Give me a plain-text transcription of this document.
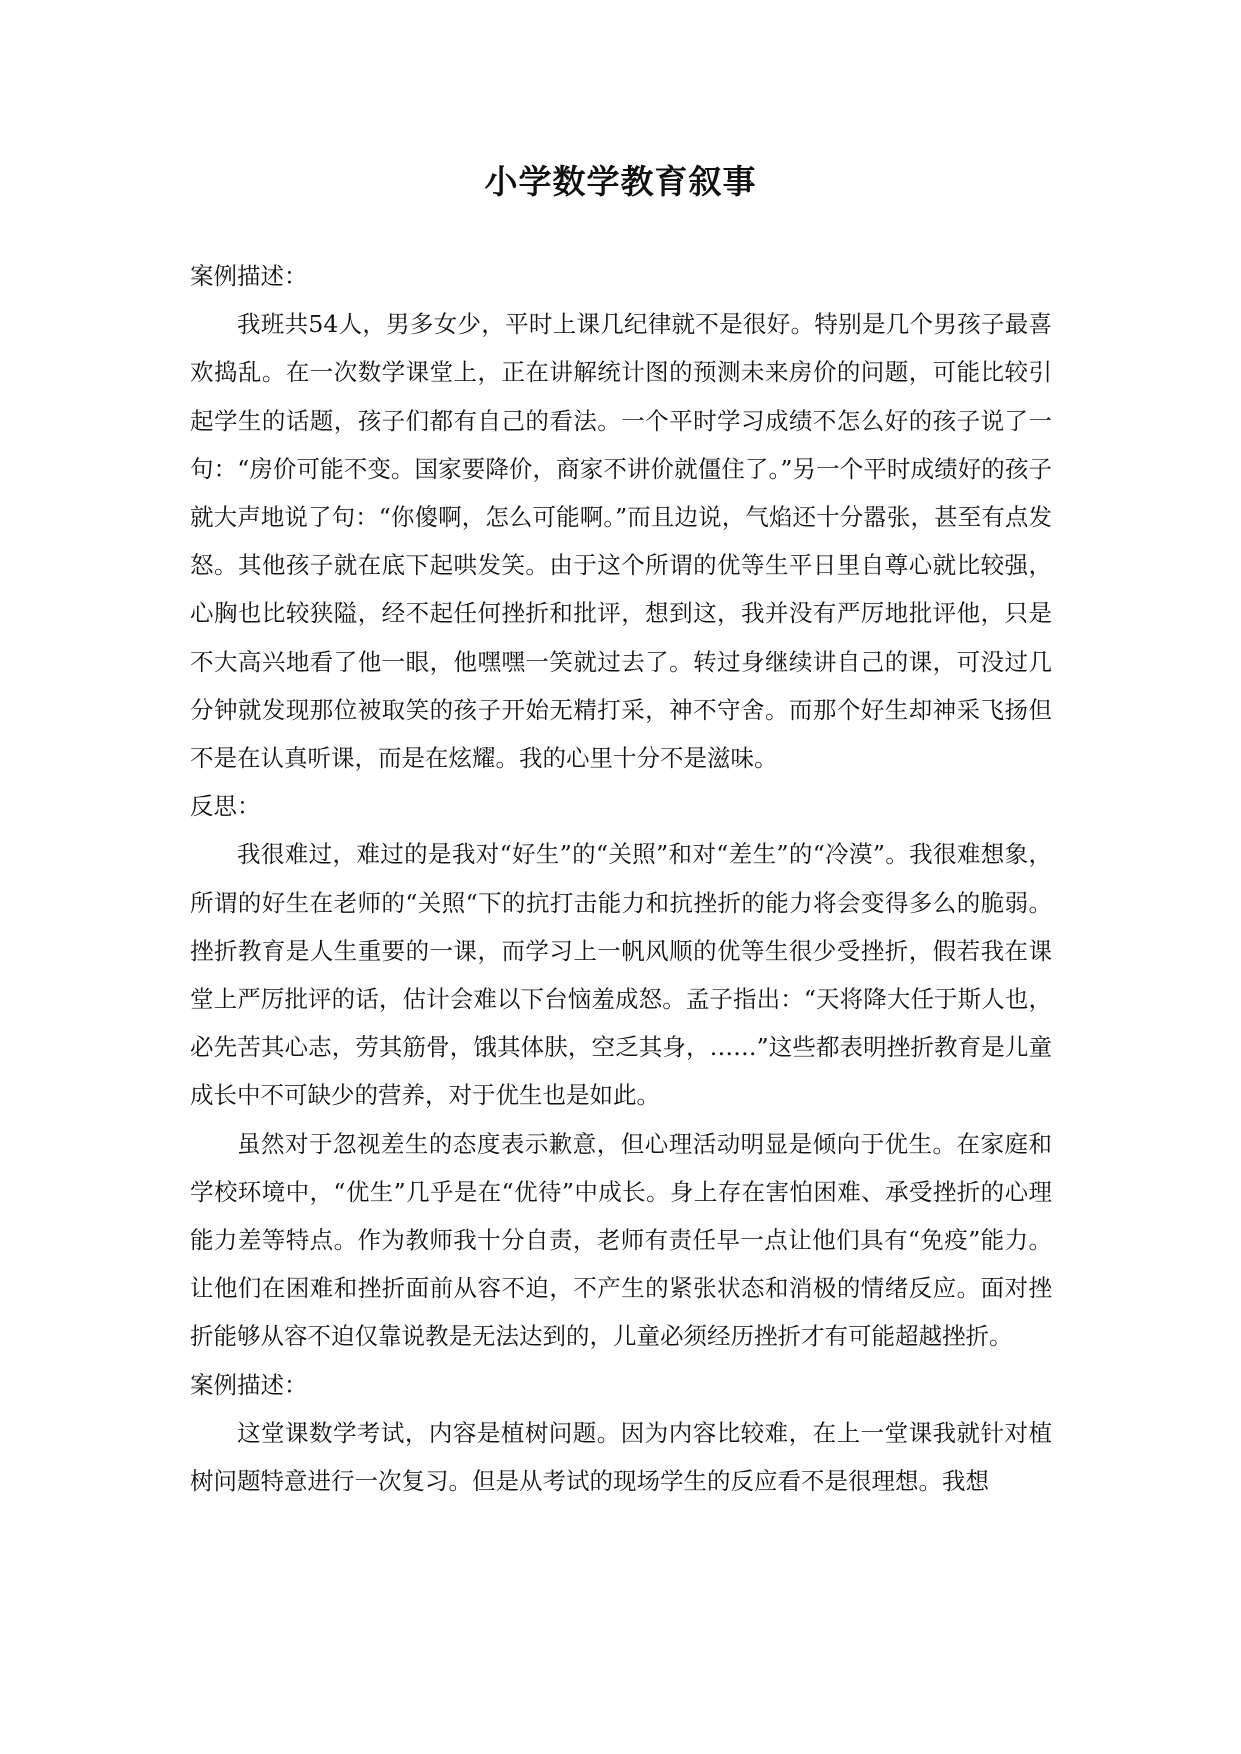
小学数学教育叙事

案例描述：

我班共54人，男多女少，平时上课几纪律就不是很好。特别是几个男孩子最喜欢捣乱。在一次数学课堂上，正在讲解统计图的预测未来房价的问题，可能比较引起学生的话题，孩子们都有自己的看法。一个平时学习成绩不怎么好的孩子说了一句：“房价可能不变。国家要降价，商家不讲价就僵住了。”另一个平时成绩好的孩子就大声地说了句：“你傻啊，怎么可能啊。”而且边说，气焰还十分嚣张，甚至有点发怒。其他孩子就在底下起哄发笑。由于这个所谓的优等生平日里自尊心就比较强，心胸也比较狭隘，经不起任何挫折和批评，想到这，我并没有严厉地批评他，只是不大高兴地看了他一眼，他嘿嘿一笑就过去了。转过身继续讲自己的课，可没过几分钟就发现那位被取笑的孩子开始无精打采，神不守舍。而那个好生却神采飞扬但不是在认真听课，而是在炫耀。我的心里十分不是滋味。

反思：

我很难过，难过的是我对“好生”的“关照”和对“差生”的“冷漠”。我很难想象，所谓的好生在老师的“关照“下的抗打击能力和抗挫折的能力将会变得多么的脆弱。挫折教育是人生重要的一课，而学习上一帆风顺的优等生很少受挫折，假若我在课堂上严厉批评的话，估计会难以下台恼羞成怒。孟子指出：“天将降大任于斯人也，必先苦其心志，劳其筋骨，饿其体肤，空乏其身，……”这些都表明挫折教育是儿童成长中不可缺少的营养，对于优生也是如此。

虽然对于忽视差生的态度表示歉意，但心理活动明显是倾向于优生。在家庭和学校环境中，“优生”几乎是在“优待”中成长。身上存在害怕困难、承受挫折的心理能力差等特点。作为教师我十分自责，老师有责任早一点让他们具有“免疫”能力。让他们在困难和挫折面前从容不迫，不产生的紧张状态和消极的情绪反应。面对挫折能够从容不迫仅靠说教是无法达到的，儿童必须经历挫折才有可能超越挫折。

案例描述：

这堂课数学考试，内容是植树问题。因为内容比较难，在上一堂课我就针对植树问题特意进行一次复习。但是从考试的现场学生的反应看不是很理想。我想
